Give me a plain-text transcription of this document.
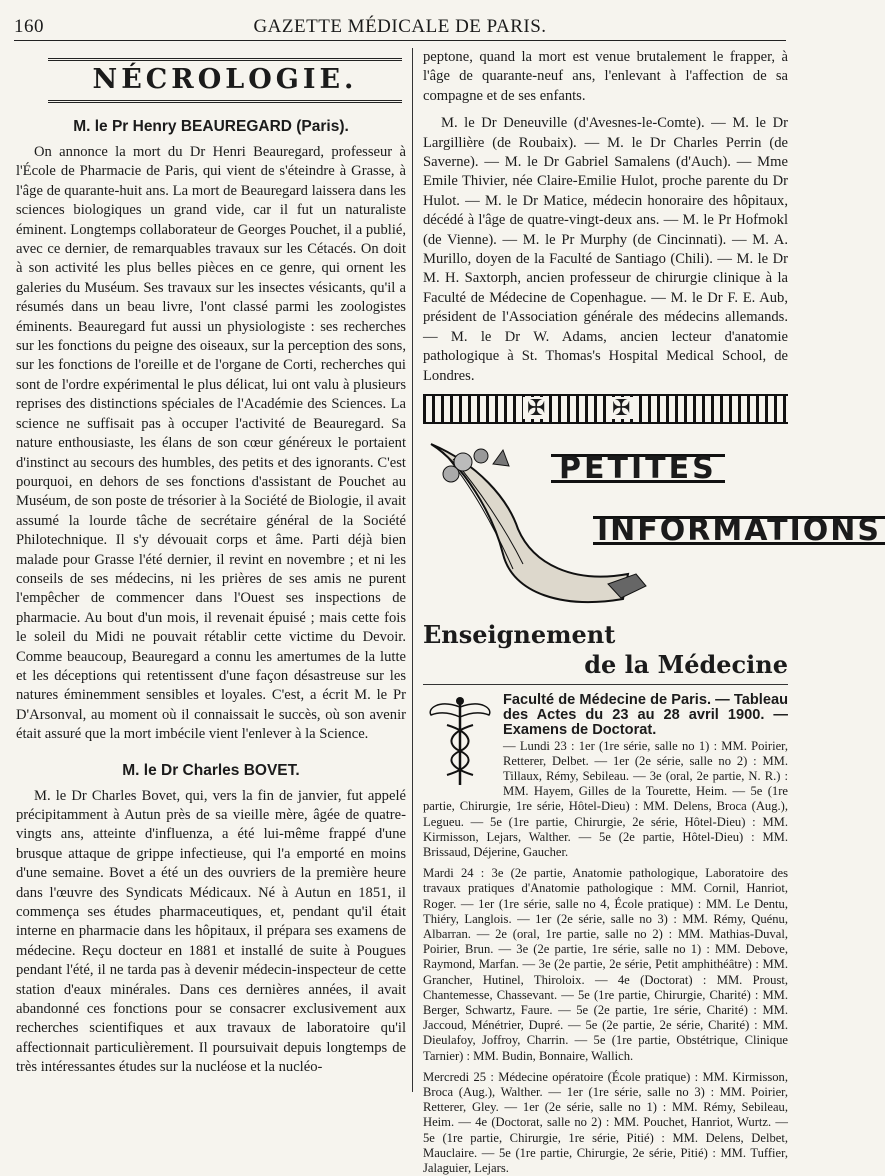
160	GAZETTE MÉDICALE DE PARIS.
NÉCROLOGIE.
M. le Pr Henry BEAUREGARD (Paris).

On annonce la mort du Dr Henri Beauregard, professeur à l'École de Pharmacie de Paris, qui vient de s'éteindre à Grasse, à l'âge de quarante-huit ans. La mort de Beauregard laissera dans les sciences biologiques un grand vide, car il fut un naturaliste éminent. Longtemps collaborateur de Georges Pouchet, il a publié, avec ce dernier, de remarquables travaux sur les Cétacés. On doit à son activité les plus belles pièces en ce genre, qui ornent les galeries du Muséum. Ses travaux sur les insectes vésicants, qu'il a résumés dans un beau livre, l'ont classé parmi les zoologistes éminents. Beauregard fut aussi un physiologiste : ses recherches sur les fonctions du peigne des oiseaux, sur la perception des sons, sur les fonctions de l'oreille et de l'organe de Corti, recherches qui sont de l'ordre expérimental le plus délicat, lui ont valu à plusieurs reprises des distinctions spéciales de l'Académie des Sciences. La science ne suffisait pas à occuper l'activité de Beauregard. Sa nature enthousiaste, les élans de son cœur généreux le portaient d'instinct au secours des humbles, des petits et des ignorants. C'est pourquoi, en dehors de ses fonctions d'assistant de Pouchet au Muséum, de son poste de trésorier à la Société de Biologie, il avait assumé la lourde tâche de secrétaire général de la Société Philotechnique. Il s'y dévouait corps et âme. Parti déjà bien malade pour Grasse l'été dernier, il revint en novembre ; et ni les conseils de ses médecins, ni les prières de ses amis ne purent l'empêcher de commencer dans l'Ouest ses inspections de pharmacie. Au bout d'un mois, il revenait épuisé ; mais cette fois le soleil du Midi ne pouvait rétablir cette victime du Devoir. Comme beaucoup, Beauregard a connu les amertumes de la lutte et les déceptions qui retentissent d'une façon désastreuse sur les natures éminemment sensibles et loyales. C'est, a écrit M. le Pr D'Arsonval, au moment où il connaissait le succès, où son avenir était assuré que la mort imbécile vient l'enlever à la Science.

M. le Dr Charles BOVET.

M. le Dr Charles Bovet, qui, vers la fin de janvier, fut appelé précipitamment à Autun près de sa vieille mère, âgée de quatre-vingts ans, atteinte d'influenza, a été lui-même frappé d'une brusque attaque de grippe infectieuse, qui l'a emporté en moins d'une semaine. Bovet a été un des ouvriers de la première heure dans l'œuvre des Syndicats Médicaux. Né à Autun en 1851, il commença ses études pharmaceutiques, et, pendant qu'il était interne en pharmacie dans les hôpitaux, il prépara ses examens de médecine. Reçu docteur en 1881 et installé de suite à Pougues pendant l'été, il ne tarda pas à devenir médecin-inspecteur de cette station d'eaux minérales. Dans ces dernières années, il avait abandonné ces fonctions pour se consacrer exclusivement aux recherches scientifiques et aux travaux de laboratoire qu'il affectionnait particulièrement. Il poursuivait depuis longtemps de très intéressantes études sur la nucléose et la nucléo-

peptone, quand la mort est venue brutalement le frapper, à l'âge de quarante-neuf ans, l'enlevant à l'affection de sa compagne et de ses enfants.

M. le Dr Deneuville (d'Avesnes-le-Comte). — M. le Dr Largillière (de Roubaix). — M. le Dr Charles Perrin (de Saverne). — M. le Dr Gabriel Samalens (d'Auch). — Mme Emile Thivier, née Claire-Emilie Hulot, proche parente du Dr Hulot. — M. le Dr Matice, médecin honoraire des hôpitaux, décédé à l'âge de quatre-vingt-deux ans. — M. le Pr Hofmokl (de Vienne). — M. le Pr Murphy (de Cincinnati). — M. A. Murillo, doyen de la Faculté de Santiago (Chili). — M. le Dr M. H. Saxtorph, ancien professeur de chirurgie clinique à la Faculté de Médecine de Copenhague. — M. le Dr F. E. Aub, président de l'Association générale des médecins allemands. — M. le Dr W. Adams, ancien lecteur d'anatomie pathologique à St. Thomas's Hospital Medical School, de Londres.

✠	✠
PETITES
INFORMATIONS
Enseignement
de la Médecine

Faculté de Médecine de Paris. — Tableau des Actes du 23 au 28 avril 1900. — Examens de Doctorat.

— Lundi 23 : 1er (1re série, salle no 1) : MM. Poirier, Retterer, Delbet. — 1er (2e série, salle no 2) : MM. Tillaux, Rémy, Sebileau. — 3e (oral, 2e partie, N. R.) : MM. Hayem, Gilles de la Tourette, Heim. — 5e (1re partie, Chirurgie, 1re série, Hôtel-Dieu) : MM. Delens, Broca (Aug.), Legueu. — 5e (1re partie, Chirurgie, 2e série, Hôtel-Dieu) : MM. Kirmisson, Lejars, Walther. — 5e (2e partie, Hôtel-Dieu) : MM. Brissaud, Déjerine, Gaucher.

Mardi 24 : 3e (2e partie, Anatomie pathologique, Laboratoire des travaux pratiques d'Anatomie pathologique : MM. Cornil, Hanriot, Roger. — 1er (1re série, salle no 4, École pratique) : MM. Le Dentu, Thiéry, Langlois. — 1er (2e série, salle no 3) : MM. Rémy, Quénu, Albarran. — 2e (oral, 1re partie, salle no 2) : MM. Mathias-Duval, Poirier, Brun. — 3e (2e partie, 1re série, salle no 1) : MM. Debove, Raymond, Marfan. — 3e (2e partie, 2e série, Petit amphithéâtre) : MM. Grancher, Hutinel, Thiroloix. — 4e (Doctorat) : MM. Proust, Chantemesse, Chassevant. — 5e (1re partie, Chirurgie, Charité) : MM. Berger, Schwartz, Faure. — 5e (2e partie, 1re série, Charité) : MM. Jaccoud, Ménétrier, Dupré. — 5e (2e partie, 2e série, Charité) : MM. Dieulafoy, Joffroy, Charrin. — 5e (1re partie, Obstétrique, Clinique Tarnier) : MM. Budin, Bonnaire, Wallich.

Mercredi 25 : Médecine opératoire (École pratique) : MM. Kirmisson, Broca (Aug.), Walther. — 1er (1re série, salle no 3) : MM. Poirier, Retterer, Gley. — 1er (2e série, salle no 1) : MM. Rémy, Sebileau, Heim. — 4e (Doctorat, salle no 2) : MM. Pouchet, Hanriot, Wurtz. — 5e (1re partie, Chirurgie, 1re série, Pitié) : MM. Delens, Delbet, Mauclaire. — 5e (1re partie, Chirurgie, 2e série, Pitié) : MM. Tuffier, Jalaguier, Lejars.
